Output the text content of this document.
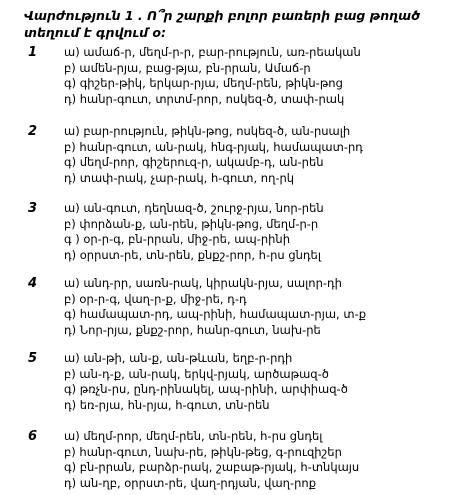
Վարժություն 1 . Ո՞ր շարքի բոլոր բառերի բաց թողած տեղում է գրվում օ:
1 ա) ամաճ-ր, մեղմ-ր-ր, բար-րություն, առ-րեական
բ) ամեն-րյա, բաց-թյա, բն-րրան, Ամաճ-ր
գ) գիշեր-թիկ, երկար-րյա, մեղմ-րեն, թիկն-թոց
դ) հանր-գուտ, տրտմ-րոր, ոսկեզ-ծ, տափ-րակ
2 ա) բար-րություն, թիկն-թոց, ոսկեզ-ծ, ան-րսալի
բ) հանր-գուտ, ան-րակ, հնգ-րյակ, համապատ-րդ
գ) մեղմ-րոր, գիշերուզ-ր, ակամբ-դ, ան-րեն
դ) տափ-րակ, չար-րակ, հ-գուտ, ող-րկ
3 ա) ան-գուտ, դեղնազ-ծ, շուրջ-րյա, նոր-րեն
բ) փորձան-ք, ան-րեն, թիկն-թոց, մեղմ-ր-ր
գ ) օր-ր-գ, բն-րրան, միջ-րե, ապ-րինի
դ) օրրստ-րե, տն-րեն, քնքշ-րոր, հ-րս ցնդել
4 ա) անդ-րր, սառն-րակ, կիրակն-րյա, սալոր-դի
բ) օր-ր-գ, վաղ-ր-ք, միջ-րե, դ-դ
գ) համապատ-րդ, ապ-րինի, համապատ-րյա, տ-ք
դ) Նոր-րյա, քնքշ-րոր, հանր-գուտ, նախ-րե
5 ա) ան-թի, ան-ք, ան-թևան, եղբ-ր-րդի
բ) ան-դ-ք, ան-րակ, երկվ-րյակ, արծաթազ-ծ
գ) թռչն-րս, ընդ-րինակել, ապ-րինի, արփիազ-ծ
դ) եռ-րյա, հն-րյա, հ-գուտ, տն-րեն
6 ա) մեղմ-րոր, մեղմ-րեն, տն-րեն, հ-րս ցնդել
բ) հանր-գուտ, նախ-րե, թիկն-թեց, գ-րուզիշեր
գ) բն-րրան, բարձր-րակ, շաբաթ-րյակ, հ-տնկայս
դ) ան-ղբ, օրրստ-րե, վաղ-րդյան, վաղ-րոք
